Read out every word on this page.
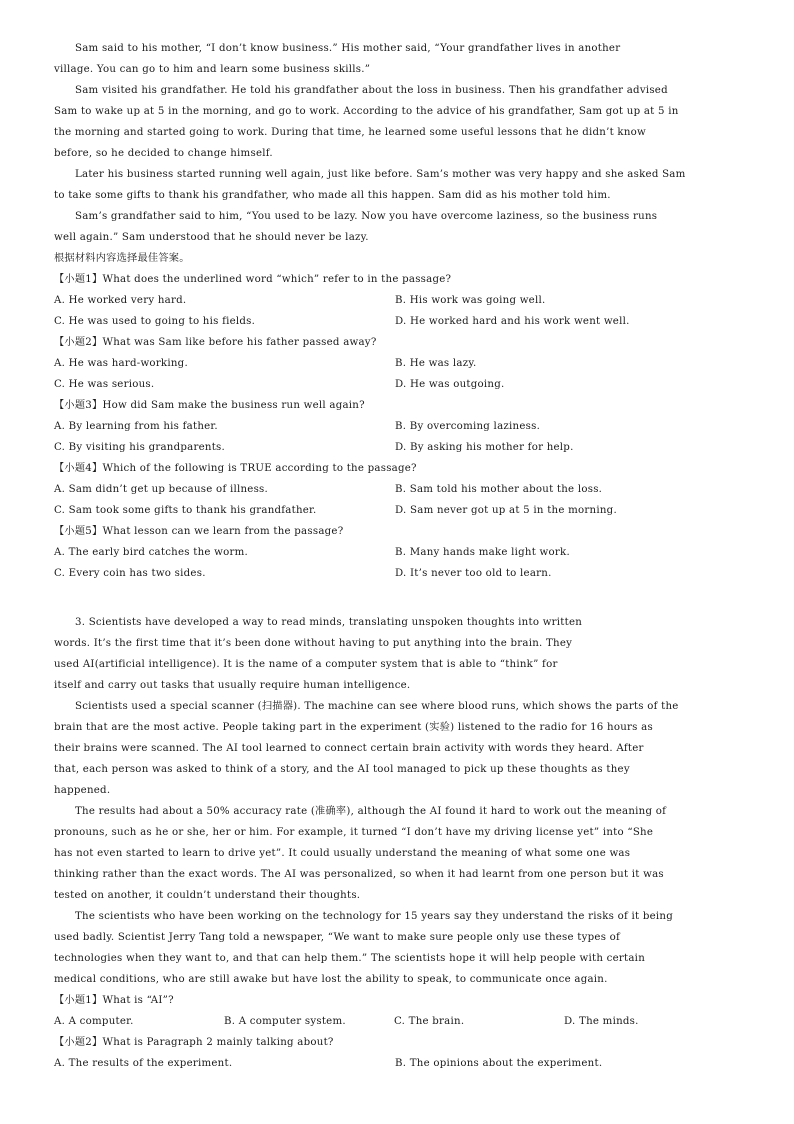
Sam said to his mother, “I don’t know business.” His mother said, “Your grandfather lives in another
village. You can go to him and learn some business skills.”
Sam visited his grandfather. He told his grandfather about the loss in business. Then his grandfather advised
Sam to wake up at 5 in the morning, and go to work. According to the advice of his grandfather, Sam got up at 5 in
the morning and started going to work. During that time, he learned some useful lessons that he didn’t know
before, so he decided to change himself.
Later his business started running well again, just like before. Sam’s mother was very happy and she asked Sam
to take some gifts to thank his grandfather, who made all this happen. Sam did as his mother told him.
Sam’s grandfather said to him, “You used to be lazy. Now you have overcome laziness, so the business runs
well again.” Sam understood that he should never be lazy.
根据材料内容选择最佳答案。
【小题1】What does the underlined word “which” refer to in the passage?
A. He worked very hard.	B. His work was going well.
C. He was used to going to his fields.	D. He worked hard and his work went well.
【小题2】What was Sam like before his father passed away?
A. He was hard-working.	B. He was lazy.
C. He was serious.	D. He was outgoing.
【小题3】How did Sam make the business run well again?
A. By learning from his father.	B. By overcoming laziness.
C. By visiting his grandparents.	D. By asking his mother for help.
【小题4】Which of the following is TRUE according to the passage?
A. Sam didn’t get up because of illness.	B. Sam told his mother about the loss.
C. Sam took some gifts to thank his grandfather.	D. Sam never got up at 5 in the morning.
【小题5】What lesson can we learn from the passage?
A. The early bird catches the worm.	B. Many hands make light work.
C. Every coin has two sides.	D. It’s never too old to learn.
3. Scientists have developed a way to read minds, translating unspoken thoughts into written
words. It’s the first time that it’s been done without having to put anything into the brain. They
used AI(artificial intelligence). It is the name of a computer system that is able to “think” for
itself and carry out tasks that usually require human intelligence.
Scientists used a special scanner (扫描器). The machine can see where blood runs, which shows the parts of the
brain that are the most active. People taking part in the experiment (实验) listened to the radio for 16 hours as
their brains were scanned. The AI tool learned to connect certain brain activity with words they heard. After
that, each person was asked to think of a story, and the AI tool managed to pick up these thoughts as they
happened.
The results had about a 50% accuracy rate (准确率), although the AI found it hard to work out the meaning of
pronouns, such as he or she, her or him. For example, it turned “I don’t have my driving license yet” into “She
has not even started to learn to drive yet”. It could usually understand the meaning of what some one was
thinking rather than the exact words. The AI was personalized, so when it had learnt from one person but it was
tested on another, it couldn’t understand their thoughts.
The scientists who have been working on the technology for 15 years say they understand the risks of it being
used badly. Scientist Jerry Tang told a newspaper, “We want to make sure people only use these types of
technologies when they want to, and that can help them.” The scientists hope it will help people with certain
medical conditions, who are still awake but have lost the ability to speak, to communicate once again.
【小题1】What is “AI”?
A. A computer.	B. A computer system.	C. The brain.	D. The minds.
【小题2】What is Paragraph 2 mainly talking about?
A. The results of the experiment.	B. The opinions about the experiment.
